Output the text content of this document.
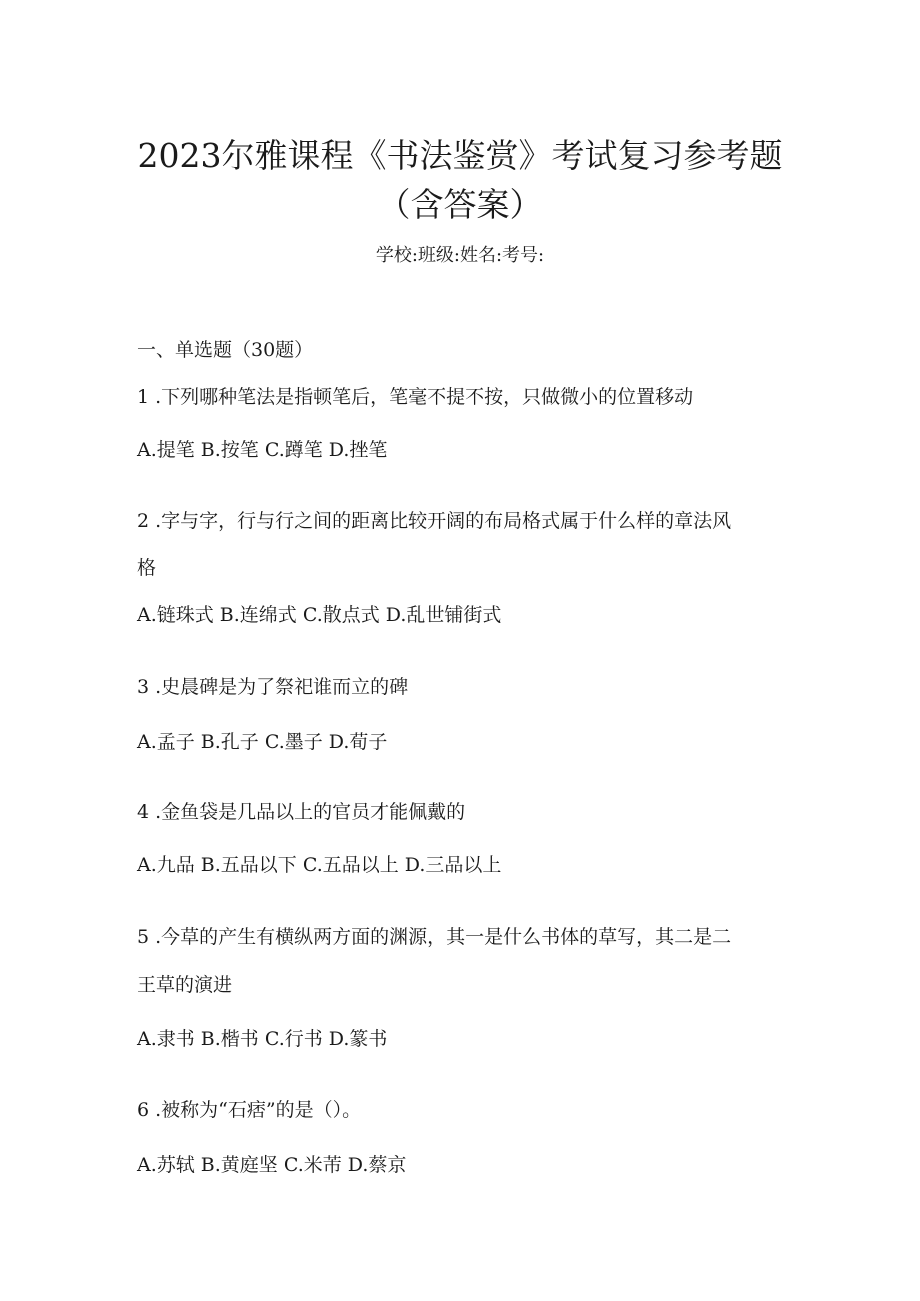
2023尔雅课程《书法鉴赏》考试复习参考题
（含答案）
学校:班级:姓名:考号:
一、单选题（30题）
1 .下列哪种笔法是指顿笔后，笔毫不提不按，只做微小的位置移动
A.提笔 B.按笔 C.蹲笔 D.挫笔
2 .字与字，行与行之间的距离比较开阔的布局格式属于什么样的章法风
格
A.链珠式 B.连绵式 C.散点式 D.乱世铺街式
3 .史晨碑是为了祭祀谁而立的碑
A.孟子 B.孔子 C.墨子 D.荀子
4 .金鱼袋是几品以上的官员才能佩戴的
A.九品 B.五品以下 C.五品以上 D.三品以上
5 .今草的产生有横纵两方面的渊源，其一是什么书体的草写，其二是二
王草的演进
A.隶书 B.楷书 C.行书 D.篆书
6 .被称为“石痞”的是（）。
A.苏轼 B.黄庭坚 C.米芾 D.蔡京
